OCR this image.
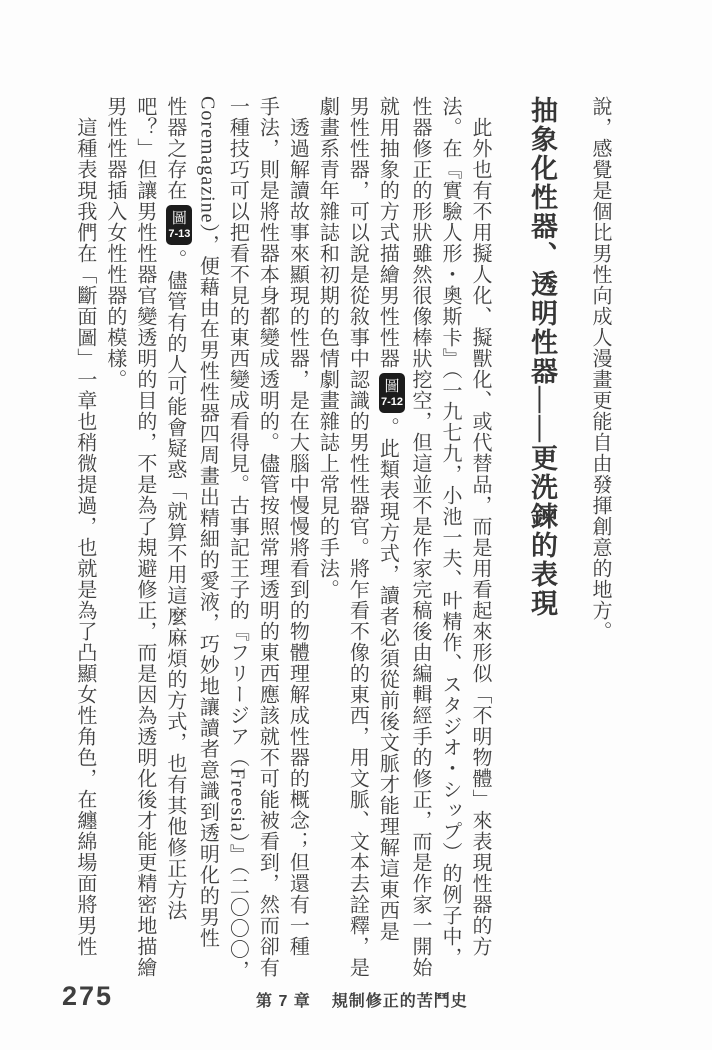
說，感覺是個比男性向成人漫畫更能自由發揮創意的地方。
抽象化性器、透明性器——更洗鍊的表現
此外也有不用擬人化、擬獸化、或代替品，而是用看起來形似「不明物體」來表現性器的方
法。在『實驗人形・奧斯卡』（一九七九，小池一夫、叶精作、スタジオ・シップ）的例子中，
性器修正的形狀雖然很像棒狀挖空，但這並不是作家完稿後由編輯經手的修正，而是作家一開始
就用抽象的方式描繪男性性器
圖
7-12
。此類表現方式，讀者必須從前後文脈才能理解這東西是
男性性器，可以說是從敘事中認識的男性性器官。將乍看不像的東西，用文脈、文本去詮釋，是
劇畫系青年雜誌和初期的色情劇畫雜誌上常見的手法。
透過解讀故事來顯現的性器，是在大腦中慢慢將看到的物體理解成性器的概念；但還有一種
手法，則是將性器本身都變成透明的。儘管按照常理透明的東西應該就不可能被看到，然而卻有
一種技巧可以把看不見的東西變成看得見。古事記王子的『フリージア（Freesia）』（二〇〇〇，
Coremagazine），便藉由在男性性器四周畫出精細的愛液，巧妙地讓讀者意識到透明化的男性
性器之存在
圖
7-13
。儘管有的人可能會疑惑「就算不用這麼麻煩的方式，也有其他修正方法
吧？」但讓男性性器官變透明的目的，不是為了規避修正，而是因為透明化後才能更精密地描繪
男性性器插入女性性器的模樣。
這種表現我們在「斷面圖」一章也稍微提過，也就是為了凸顯女性角色，在纏綿場面將男性
275	第 7 章 規制修正的苦鬥史
